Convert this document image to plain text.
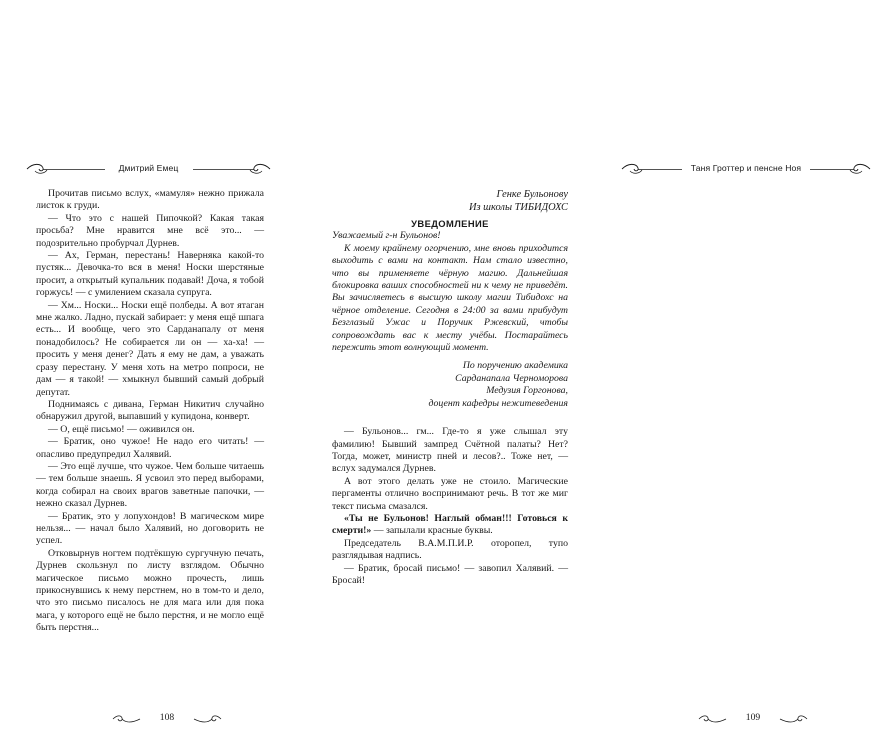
Дмитрий Емец

Прочитав письмо вслух, «мамуля» нежно прижала листок к груди.

— Что это с нашей Пипочкой? Какая такая просьба? Мне нравится мне всё это... — подозрительно пробурчал Дурнев.

— Ах, Герман, перестань! Наверняка какой-то пустяк... Девочка-то вся в меня! Носки шерстяные просит, а открытый купальник подавай! Доча, я тобой горжусь! — с умилением сказала супруга.

— Хм... Носки... Носки ещё полбеды. А вот ятаган мне жалко. Ладно, пускай забирает: у меня ещё шпага есть... И вообще, чего это Сарданапалу от меня понадобилось? Не собирается ли он — ха-ха! — просить у меня денег? Дать я ему не дам, а уважать сразу перестану. У меня хоть на метро попроси, не дам — я такой! — хмыкнул бывший самый добрый депутат.

Поднимаясь с дивана, Герман Никитич случайно обнаружил другой, выпавший у купидона, конверт.

— О, ещё письмо! — оживился он.

— Братик, оно чужое! Не надо его читать! — опасливо предупредил Халявий.

— Это ещё лучше, что чужое. Чем больше читаешь — тем больше знаешь. Я усвоил это перед выборами, когда собирал на своих врагов заветные папочки, — нежно сказал Дурнев.

— Братик, это у лопухондов! В магическом мире нельзя... — начал было Халявий, но договорить не успел.

Отковырнув ногтем подтёкшую сургучную печать, Дурнев скользнул по листу взглядом. Обычно магическое письмо можно прочесть, лишь прикоснувшись к нему перстнем, но в том-то и дело, что это письмо писалось не для мага или для пока мага, у которого ещё не было перстня, и не могло ещё быть перстня...

108
Таня Гроттер и пенсне Ноя
Генке Бульонову
Из школы ТИБИДОХС
УВЕДОМЛЕНИЕ

Уважаемый г-н Бульонов!

К моему крайнему огорчению, мне вновь приходится выходить с вами на контакт. Нам стало известно, что вы применяете чёрную магию. Дальнейшая блокировка ваших способностей ни к чему не приведёт. Вы зачисляетесь в высшую школу магии Тибидохс на чёрное отделение. Сегодня в 24:00 за вами прибудут Безглазый Ужас и Поручик Ржевский, чтобы сопровождать вас к месту учёбы. Постарайтесь пережить этот волнующий момент.

По поручению академика
Сарданапала Черноморова
Медузия Горгонова,
доцент кафедры нежитеведения

— Бульонов... гм... Где-то я уже слышал эту фамилию! Бывший зампред Счётной палаты? Нет? Тогда, может, министр пней и лесов?.. Тоже нет, — вслух задумался Дурнев.

А вот этого делать уже не стоило. Магические пергаменты отлично воспринимают речь. В тот же миг текст письма смазался.

«Ты не Бульонов! Наглый обман!!! Готовься к смерти!» — запылали красные буквы.

Председатель В.А.М.П.И.Р. оторопел, тупо разглядывая надпись.

— Братик, бросай письмо! — завопил Халявий. — Бросай!

109
